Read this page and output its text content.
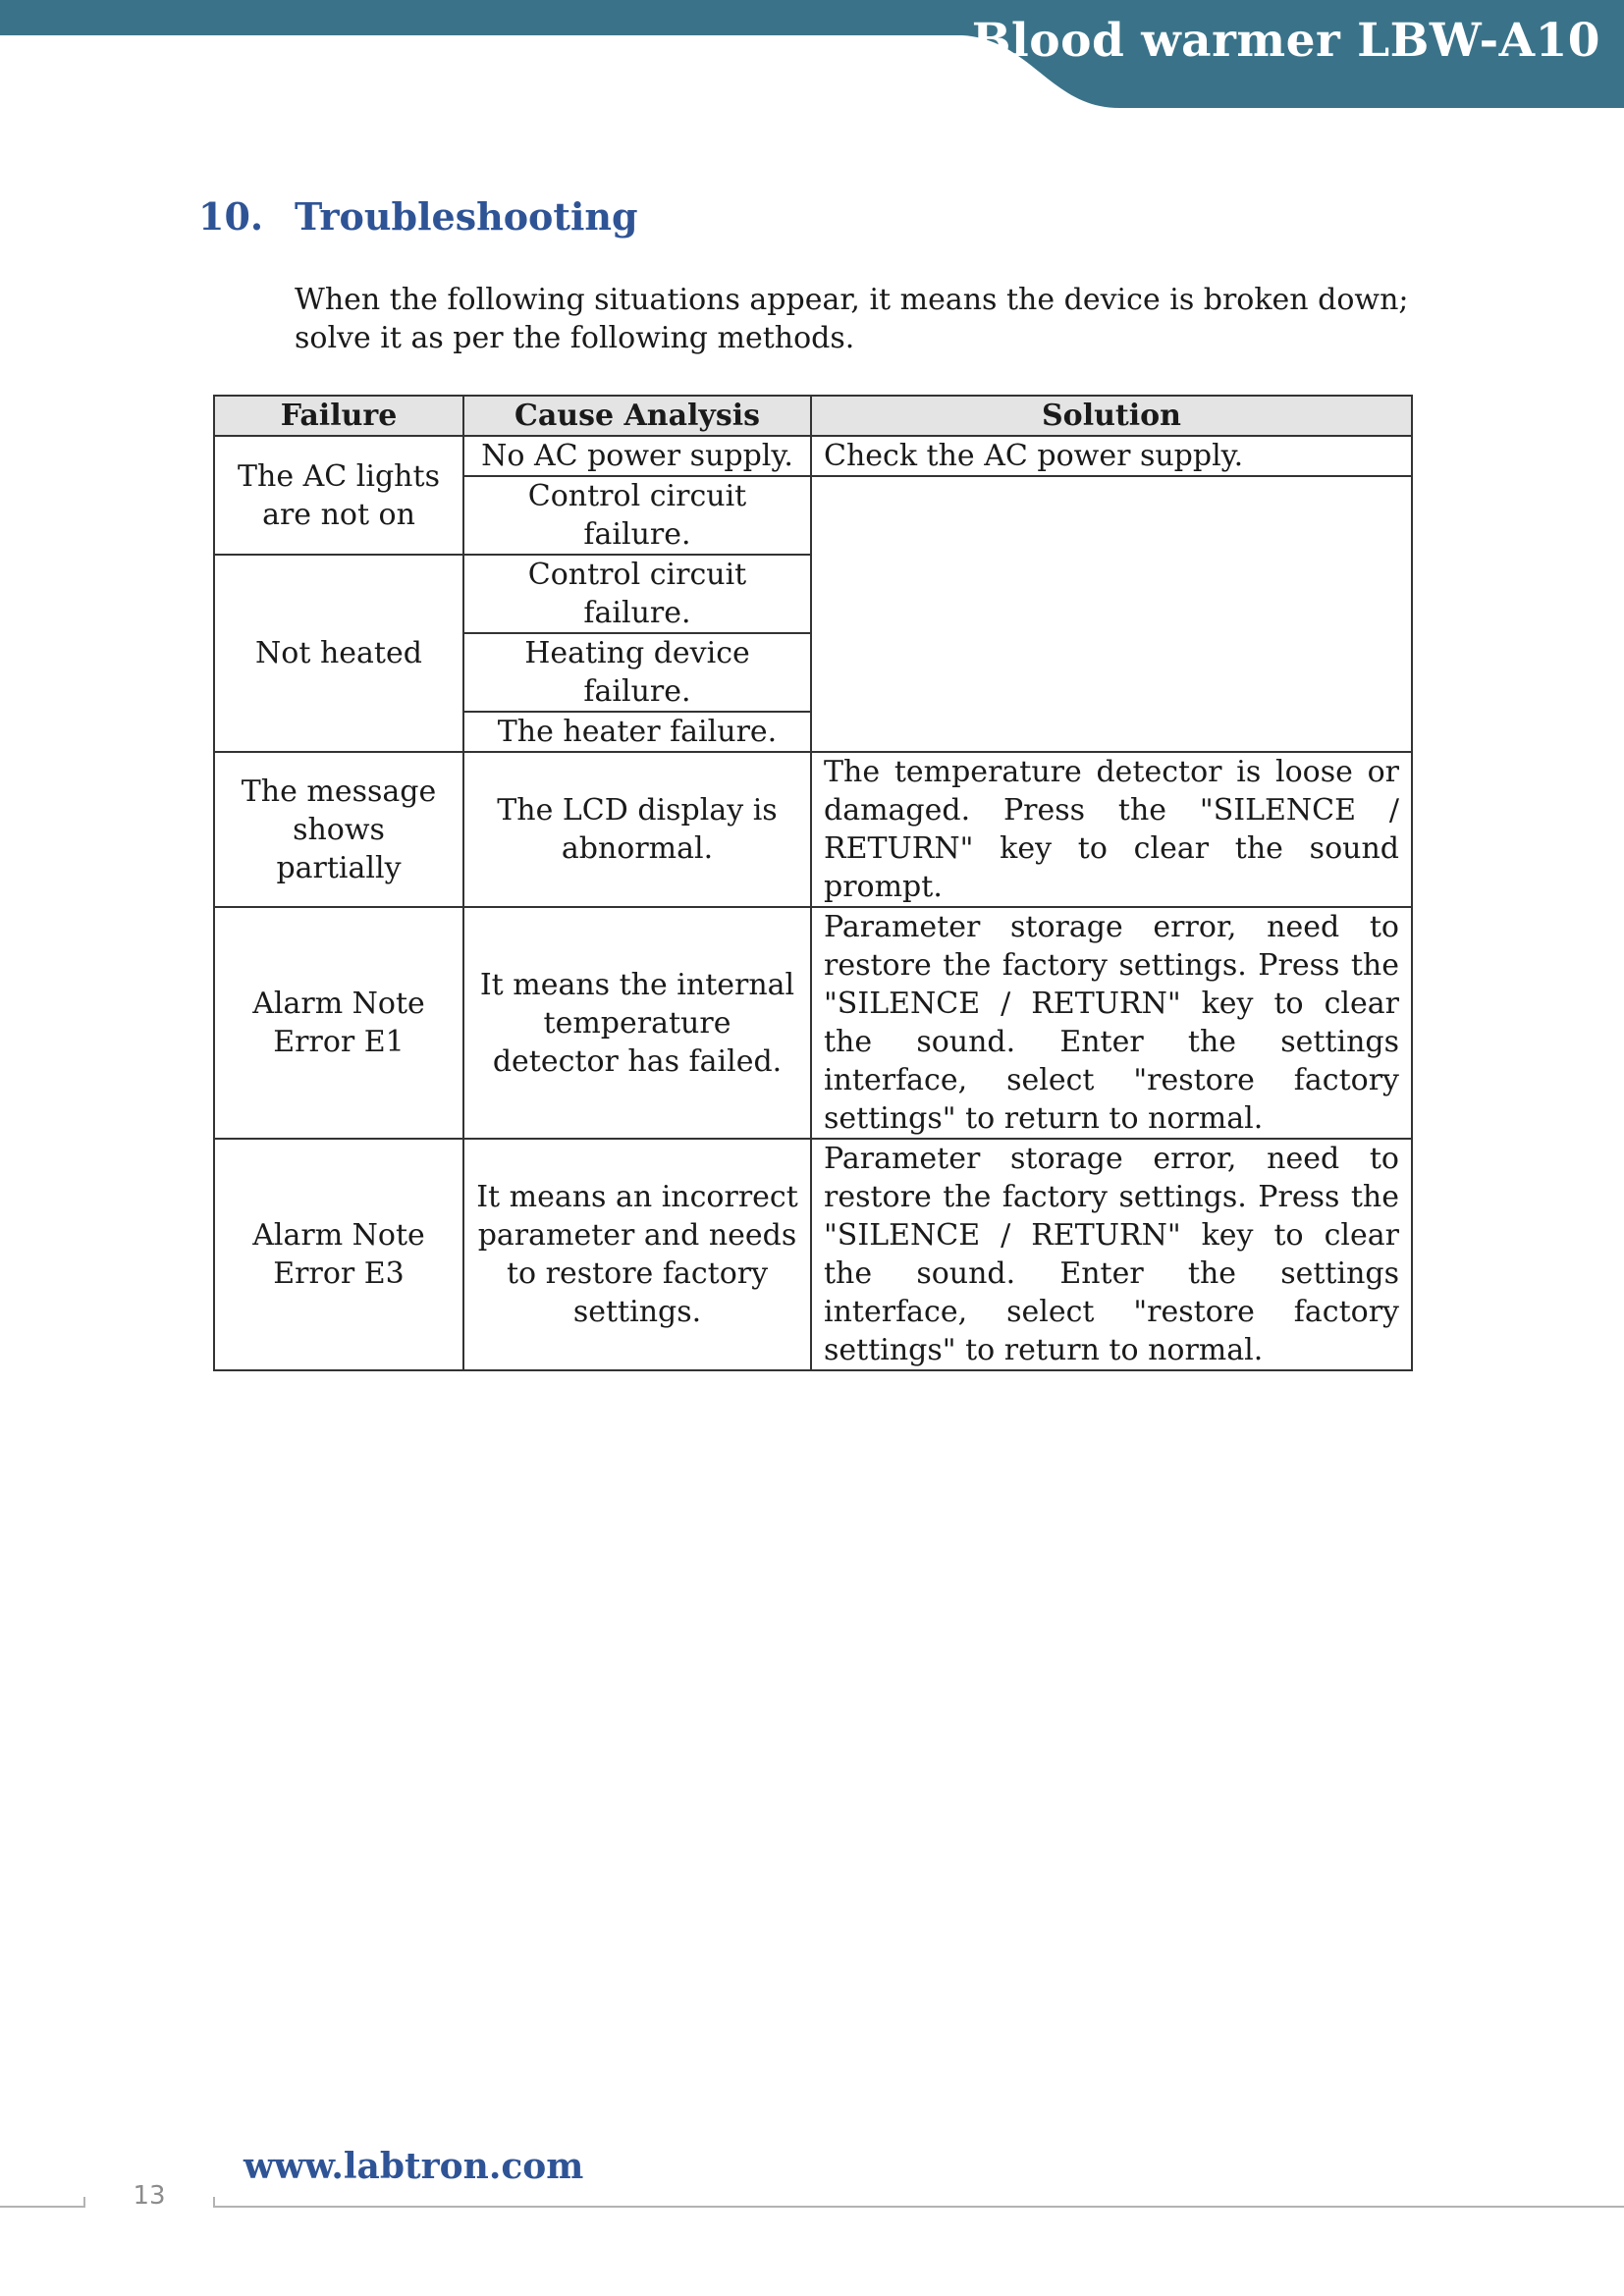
Blood warmer LBW-A10
10. Troubleshooting

When the following situations appear, it means the device is broken down; solve it as per the following methods.

Failure	Cause Analysis	Solution
The AC lights are not on	No AC power supply.	Check the AC power supply.
	Control circuit failure.	
Not heated	Control circuit failure.	
	Heating device failure.	
	The heater failure.	
The message shows partially	The LCD display is abnormal.	The temperature detector is loose or damaged. Press the "SILENCE / RETURN" key to clear the sound prompt.
Alarm Note Error E1	It means the internal temperature detector has failed.	Parameter storage error, need to restore the factory settings. Press the "SILENCE / RETURN" key to clear the sound. Enter the settings interface, select "restore factory settings" to return to normal.
Alarm Note Error E3	It means an incorrect parameter and needs to restore factory settings.	Parameter storage error, need to restore the factory settings. Press the "SILENCE / RETURN" key to clear the sound. Enter the settings interface, select "restore factory settings" to return to normal.
13
www.labtron.com
